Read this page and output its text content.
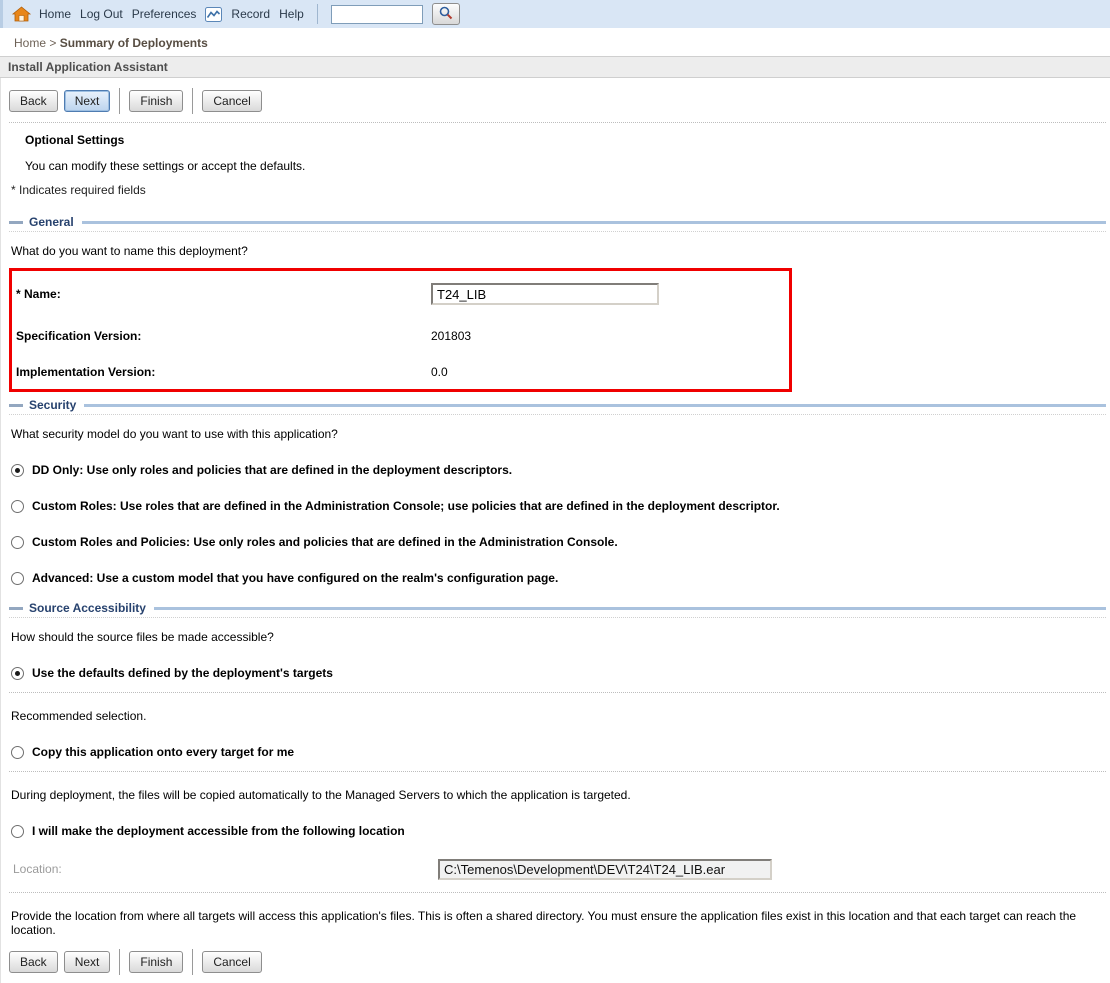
Home Log Out Preferences	Record Help
Home > Summary of Deployments
Install Application Assistant
Back	Next	Finish	Cancel
Optional Settings
You can modify these settings or accept the defaults.
* Indicates required fields
General
What do you want to name this deployment?
* Name:
T24_LIB
Specification Version:	201803
Implementation Version:	0.0
Security
What security model do you want to use with this application?
DD Only: Use only roles and policies that are defined in the deployment descriptors.
Custom Roles: Use roles that are defined in the Administration Console; use policies that are defined in the deployment descriptor.
Custom Roles and Policies: Use only roles and policies that are defined in the Administration Console.
Advanced: Use a custom model that you have configured on the realm's configuration page.
Source Accessibility
How should the source files be made accessible?
Use the defaults defined by the deployment's targets
Recommended selection.
Copy this application onto every target for me
During deployment, the files will be copied automatically to the Managed Servers to which the application is targeted.
I will make the deployment accessible from the following location
Location:
C:\Temenos\Development\DEV\T24\T24_LIB.ear
Provide the location from where all targets will access this application's files. This is often a shared directory. You must ensure the application files exist in this location and that each target can reach the location.
Back	Next	Finish	Cancel
